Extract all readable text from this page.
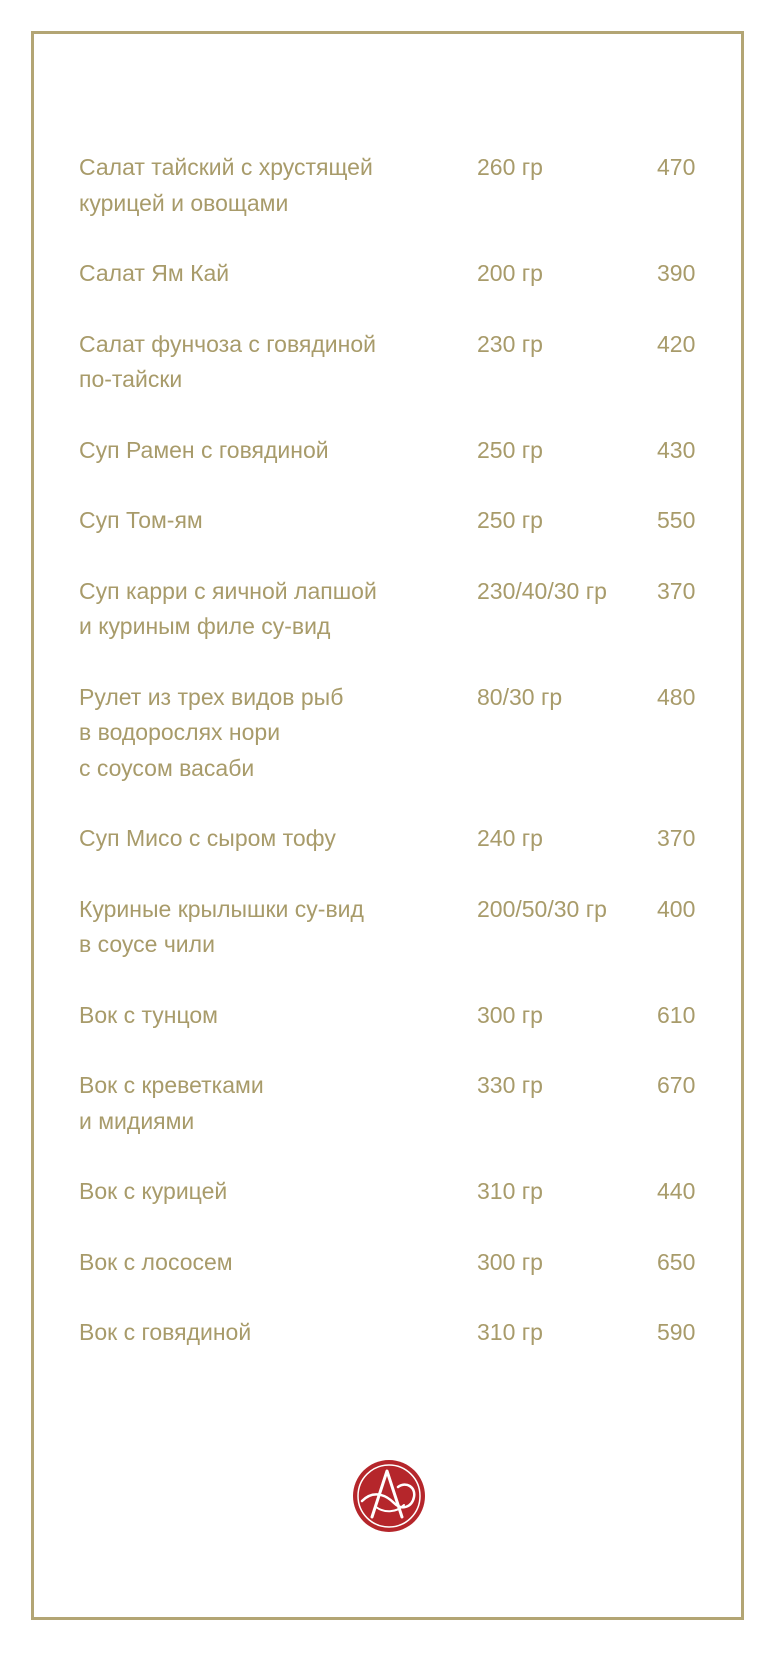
Салат тайский с хрустящей
курицей и овощами
260 гр	470
Салат Ям Кай	200 гр	390
Салат фунчоза с говядиной
по-тайски
230 гр	420
Суп Рамен с говядиной	250 гр	430
Суп Том-ям	250 гр	550
Суп карри с яичной лапшой
и куриным филе су-вид
230/40/30 гр	370
Рулет из трех видов рыб
в водорослях нори
с соусом васаби
80/30 гр	480
Суп Мисо с сыром тофу	240 гр	370
Куриные крылышки су-вид
в соусе чили
200/50/30 гр	400
Вок с тунцом	300 гр	610
Вок с креветками
и мидиями
330 гр	670
Вок с курицей	310 гр	440
Вок с лососем	300 гр	650
Вок с говядиной	310 гр	590
